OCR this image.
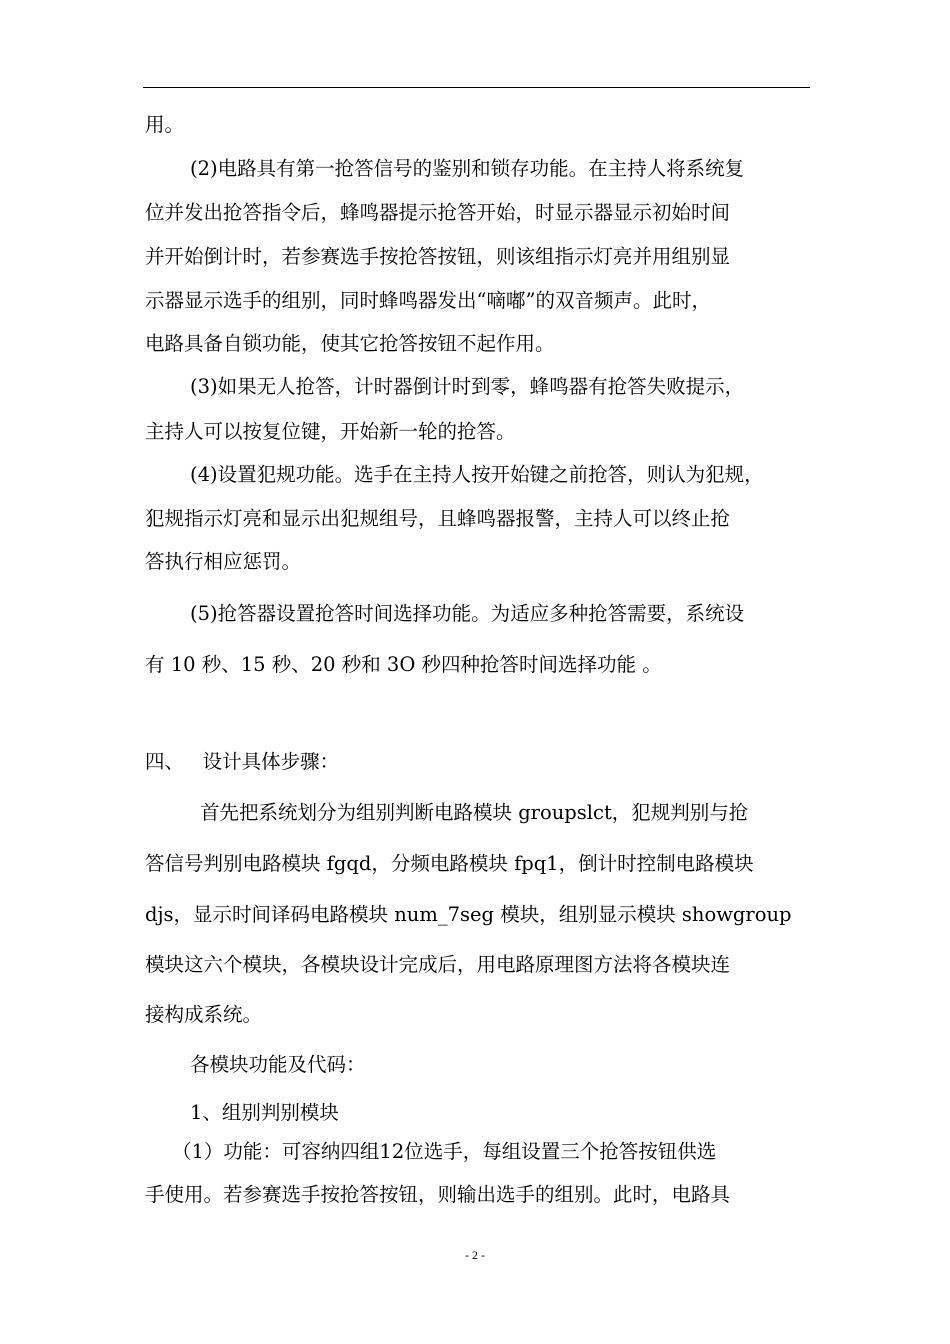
用。
(2)电路具有第一抢答信号的鉴别和锁存功能。在主持人将系统复
位并发出抢答指令后，蜂鸣器提示抢答开始，时显示器显示初始时间
并开始倒计时，若参赛选手按抢答按钮，则该组指示灯亮并用组别显
示器显示选手的组别，同时蜂鸣器发出“嘀嘟”的双音频声。此时，
电路具备自锁功能，使其它抢答按钮不起作用。
(3)如果无人抢答，计时器倒计时到零，蜂鸣器有抢答失败提示，
主持人可以按复位键，开始新一轮的抢答。
(4)设置犯规功能。选手在主持人按开始键之前抢答，则认为犯规，
犯规指示灯亮和显示出犯规组号，且蜂鸣器报警，主持人可以终止抢
答执行相应惩罚。
(5)抢答器设置抢答时间选择功能。为适应多种抢答需要，系统设
有 10 秒、15 秒、20 秒和 3O 秒四种抢答时间选择功能 。
四、   设计具体步骤：
首先把系统划分为组别判断电路模块 groupslct，犯规判别与抢
答信号判别电路模块 fgqd，分频电路模块 fpq1，倒计时控制电路模块
djs，显示时间译码电路模块 num_7seg 模块，组别显示模块 showgroup
模块这六个模块，各模块设计完成后，用电路原理图方法将各模块连
接构成系统。
各模块功能及代码：
1、组别判别模块
（1）功能：可容纳四组12位选手，每组设置三个抢答按钮供选
手使用。若参赛选手按抢答按钮，则输出选手的组别。此时，电路具
- 2 -
